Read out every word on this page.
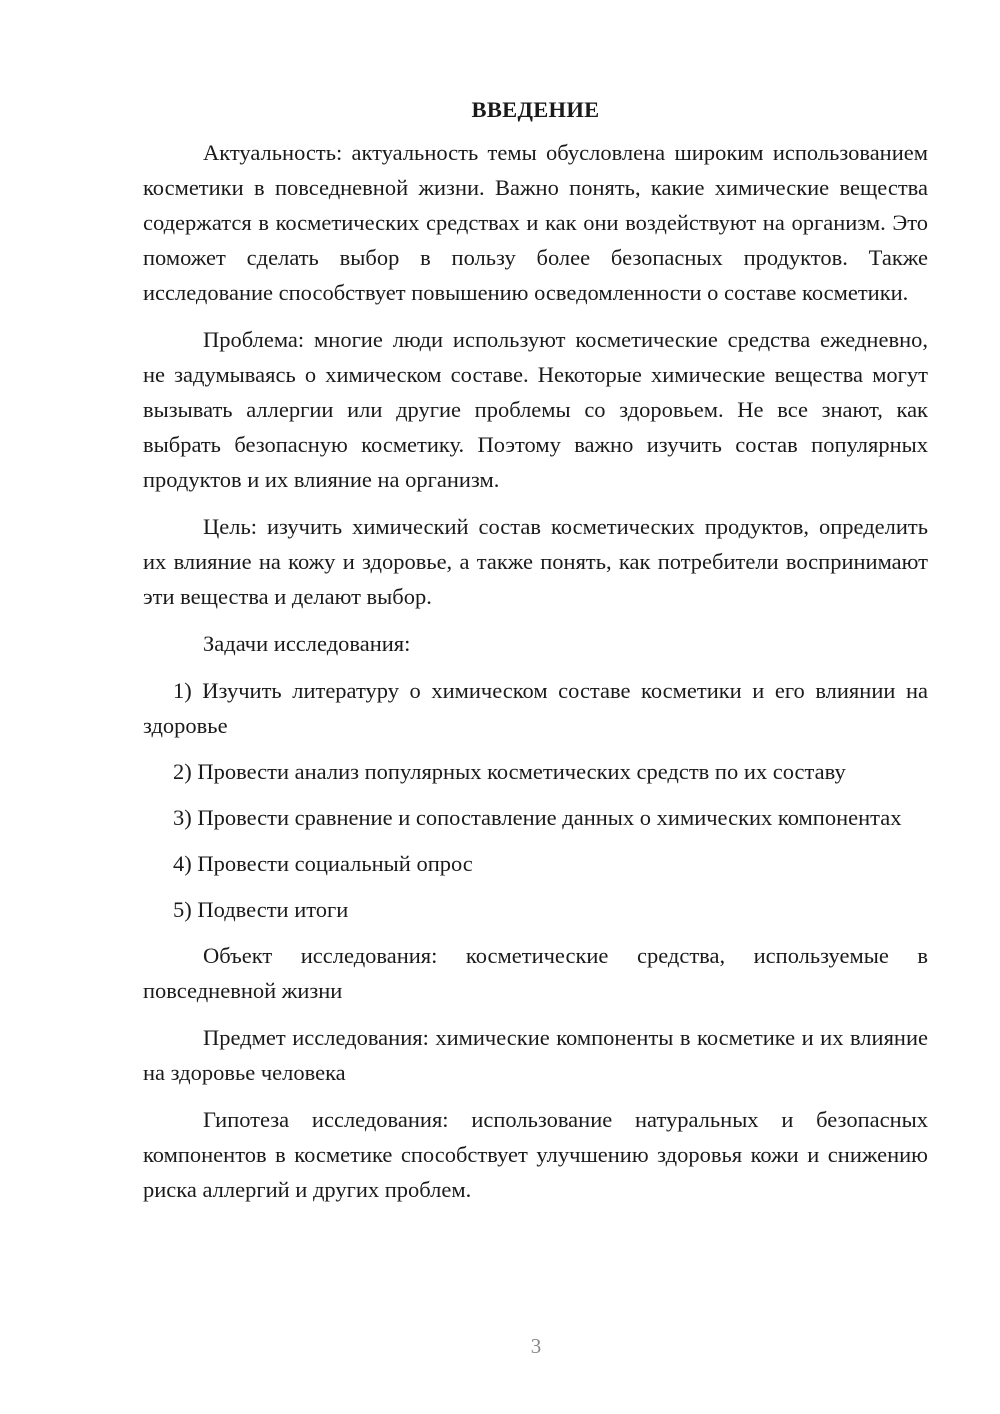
ВВЕДЕНИЕ

Актуальность: актуальность темы обусловлена широким использованием косметики в повседневной жизни. Важно понять, какие химические вещества содержатся в косметических средствах и как они воздействуют на организм. Это поможет сделать выбор в пользу более безопасных продуктов. Также исследование способствует повышению осведомленности о составе косметики.

Проблема: многие люди используют косметические средства ежедневно, не задумываясь о химическом составе. Некоторые химические вещества могут вызывать аллергии или другие проблемы со здоровьем. Не все знают, как выбрать безопасную косметику. Поэтому важно изучить состав популярных продуктов и их влияние на организм.

Цель: изучить химический состав косметических продуктов, определить их влияние на кожу и здоровье, а также понять, как потребители воспринимают эти вещества и делают выбор.

Задачи исследования:

1) Изучить литературу о химическом составе косметики и его влиянии на здоровье

2) Провести анализ популярных косметических средств по их составу

3) Провести сравнение и сопоставление данных о химических компонентах

4) Провести социальный опрос

5) Подвести итоги

Объект исследования: косметические средства, используемые в повседневной жизни

Предмет исследования: химические компоненты в косметике и их влияние на здоровье человека

Гипотеза исследования: использование натуральных и безопасных компонентов в косметике способствует улучшению здоровья кожи и снижению риска аллергий и других проблем.

3
